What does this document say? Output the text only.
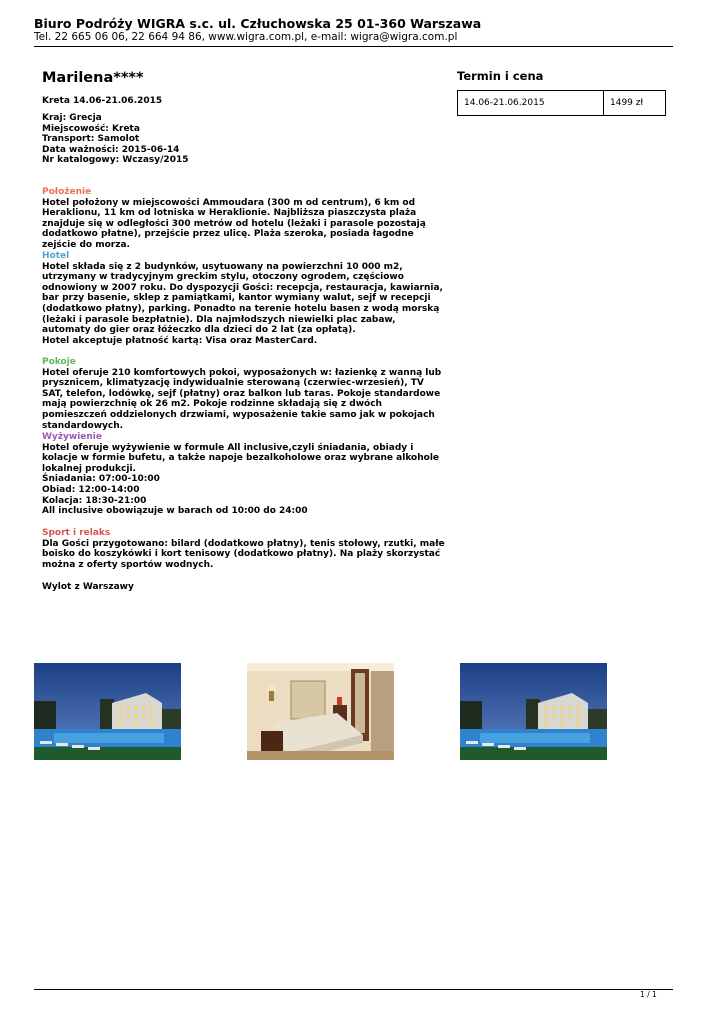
Biuro Podróży WIGRA s.c. ul. Człuchowska 25 01-360 Warszawa
Tel. 22 665 06 06, 22 664 94 86, www.wigra.com.pl, e-mail: wigra@wigra.com.pl
Marilena****
Kreta 14.06-21.06.2015
Kraj: Grecja
Miejscowość: Kreta
Transport: Samolot
Data ważności: 2015-06-14
Nr katalogowy: Wczasy/2015
Położenie

Hotel położony w miejscowości Ammoudara (300 m od centrum), 6 km od Heraklionu, 11 km od lotniska w Heraklionie. Najbliższa piaszczysta plaża znajduje się w odległości 300 metrów od hotelu (leżaki i parasole pozostają dodatkowo płatne), przejście przez ulicę. Plaża szeroka, posiada łagodne zejście do morza.

Hotel

Hotel składa się z 2 budynków, usytuowany na powierzchni 10 000 m2, utrzymany w tradycyjnym greckim stylu, otoczony ogrodem, częściowo odnowiony w 2007 roku. Do dyspozycji Gości: recepcja, restauracja, kawiarnia, bar przy basenie, sklep z pamiątkami, kantor wymiany walut, sejf w recepcji (dodatkowo płatny), parking. Ponadto na terenie hotelu basen z wodą morską (leżaki i parasole bezpłatnie). Dla najmłodszych niewielki plac zabaw, automaty do gier oraz łóżeczko dla dzieci do 2 lat (za opłatą).

Hotel akceptuje płatność kartą: Visa oraz MasterCard.

Pokoje

Hotel oferuje 210 komfortowych pokoi, wyposażonych w: łazienkę z wanną lub prysznicem, klimatyzację indywidualnie sterowaną (czerwiec-wrzesień), TV SAT, telefon, lodówkę, sejf (płatny) oraz balkon lub taras. Pokoje standardowe mają powierzchnię ok 26 m2. Pokoje rodzinne składają się z dwóch pomieszczeń oddzielonych drzwiami, wyposażenie takie samo jak w pokojach standardowych.

Wyżywienie

Hotel oferuje wyżywienie w formule All inclusive,czyli śniadania, obiady i kolacje w formie bufetu, a także napoje bezalkoholowe oraz wybrane alkohole lokalnej produkcji.

Śniadania: 07:00-10:00

Obiad: 12:00-14:00

Kolacja: 18:30-21:00

All inclusive obowiązuje w barach od 10:00 do 24:00

Sport i relaks

Dla Gości przygotowano: bilard (dodatkowo płatny), tenis stołowy, rzutki, małe boisko do koszykówki i kort tenisowy (dodatkowo płatny). Na plaży skorzystać można z oferty sportów wodnych.

Wylot z Warszawy
Termin i cena
14.06-21.06.2015	1499 zł
1 / 1
